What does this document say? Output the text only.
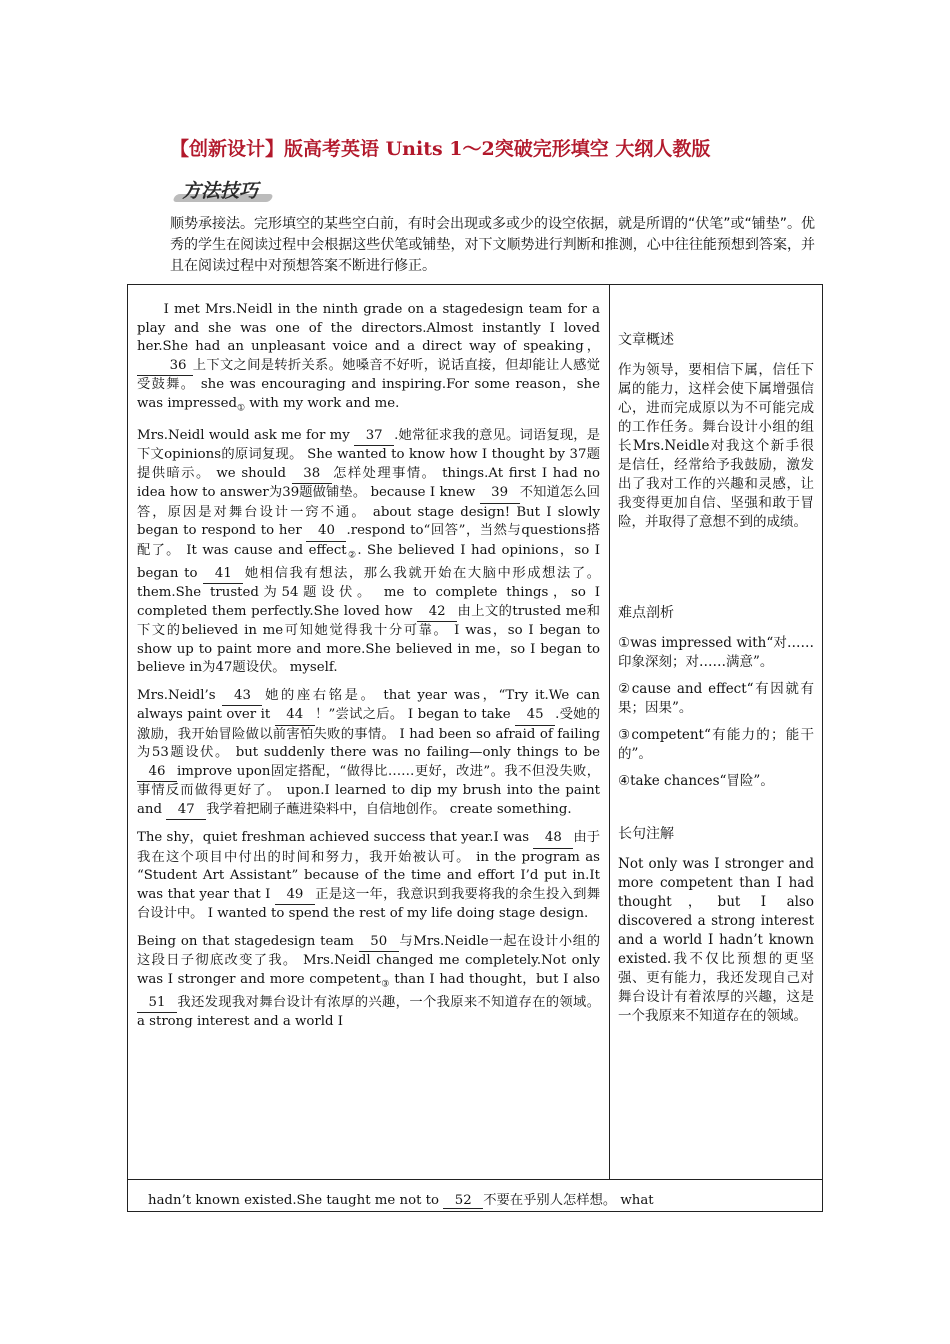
【创新设计】版高考英语 Units 1～2突破完形填空 大纲人教版
方法技巧
顺势承接法。完形填空的某些空白前，有时会出现或多或少的设空依据，就是所谓的“伏笔”或“铺垫”。优秀的学生在阅读过程中会根据这些伏笔或铺垫，对下文顺势进行判断和推测，心中往往能预想到答案，并且在阅读过程中对预想答案不断进行修正。

I met Mrs.Neidl in the ninth grade on a stagedesign team for a play and she was one of the directors.Almost instantly I loved her.She had an unpleasant voice and a direct way of speaking， 36 上下文之间是转折关系。她嗓音不好听，说话直接，但却能让人感觉受鼓舞。 she was encouraging and inspiring.For some reason，she was impressed$_①$ with my work and me.

Mrs.Neidl would ask me for my 37 .她常征求我的意见。词语复现，是下文opinions的原词复现。 She wanted to know how I thought by 37题提供暗示。 we should 38 怎样处理事情。 things.At first I had no idea how to answer为39题做铺垫。 because I knew 39 不知道怎么回答，原因是对舞台设计一窍不通。 about stage design! But I slowly began to respond to her 40 .respond to“回答”，当然与questions搭配了。 It was cause and effect$_②$. She believed I had opinions，so I began to 41 她相信我有想法，那么我就开始在大脑中形成想法了。 them.She trusted为54题设伏。 me to complete things，so I completed them perfectly.She loved how 42 由上文的trusted me和下文的believed in me可知她觉得我十分可靠。 I was，so I began to show up to paint more and more.She believed in me，so I began to believe in为47题设伏。 myself.

Mrs.Neidl’s 43 她的座右铭是。 that year was，“Try it.We can always paint over it 44 ！”尝试之后。 I began to take 45 .受她的激励，我开始冒险做以前害怕失败的事情。 I had been so afraid of failing为53题设伏。 but suddenly there was no failing—only things to be 46 improve upon固定搭配，“做得比……更好，改进”。我不但没失败，事情反而做得更好了。 upon.I learned to dip my brush into the paint and 47 我学着把刷子蘸进染料中，自信地创作。 create something.

The shy，quiet freshman achieved success that year.I was 48 由于我在这个项目中付出的时间和努力，我开始被认可。 in the program as “Student Art Assistant” because of the time and effort I’d put in.It was that year that I 49 正是这一年，我意识到我要将我的余生投入到舞台设计中。 I wanted to spend the rest of my life doing stage design.

Being on that stagedesign team 50 与Mrs.Neidle一起在设计小组的这段日子彻底改变了我。 Mrs.Neidl changed me completely.Not only was I stronger and more competent$_③$ than I had thought，but I also 51 我还发现我对舞台设计有浓厚的兴趣，一个我原来不知道存在的领域。 a strong interest and a world I

文章概述
作为领导，要相信下属，信任下属的能力，这样会使下属增强信心，进而完成原以为不可能完成的工作任务。舞台设计小组的组长Mrs.Neidle对我这个新手很是信任，经常给予我鼓励，激发出了我对工作的兴趣和灵感，让我变得更加自信、坚强和敢于冒险，并取得了意想不到的成绩。
难点剖析
①was impressed with“对……印象深刻；对……满意”。
②cause and effect“有因就有果；因果”。
③competent“有能力的；能干的”。
④take chances“冒险”。
长句注解
Not only was I stronger and more competent than I had thought，but I also discovered a strong interest and a world I hadn’t known existed.我不仅比预想的更坚强、更有能力，我还发现自己对舞台设计有着浓厚的兴趣，这是一个我原来不知道存在的领域。
hadn’t known existed.She taught me not to 52 不要在乎别人怎样想。 what
